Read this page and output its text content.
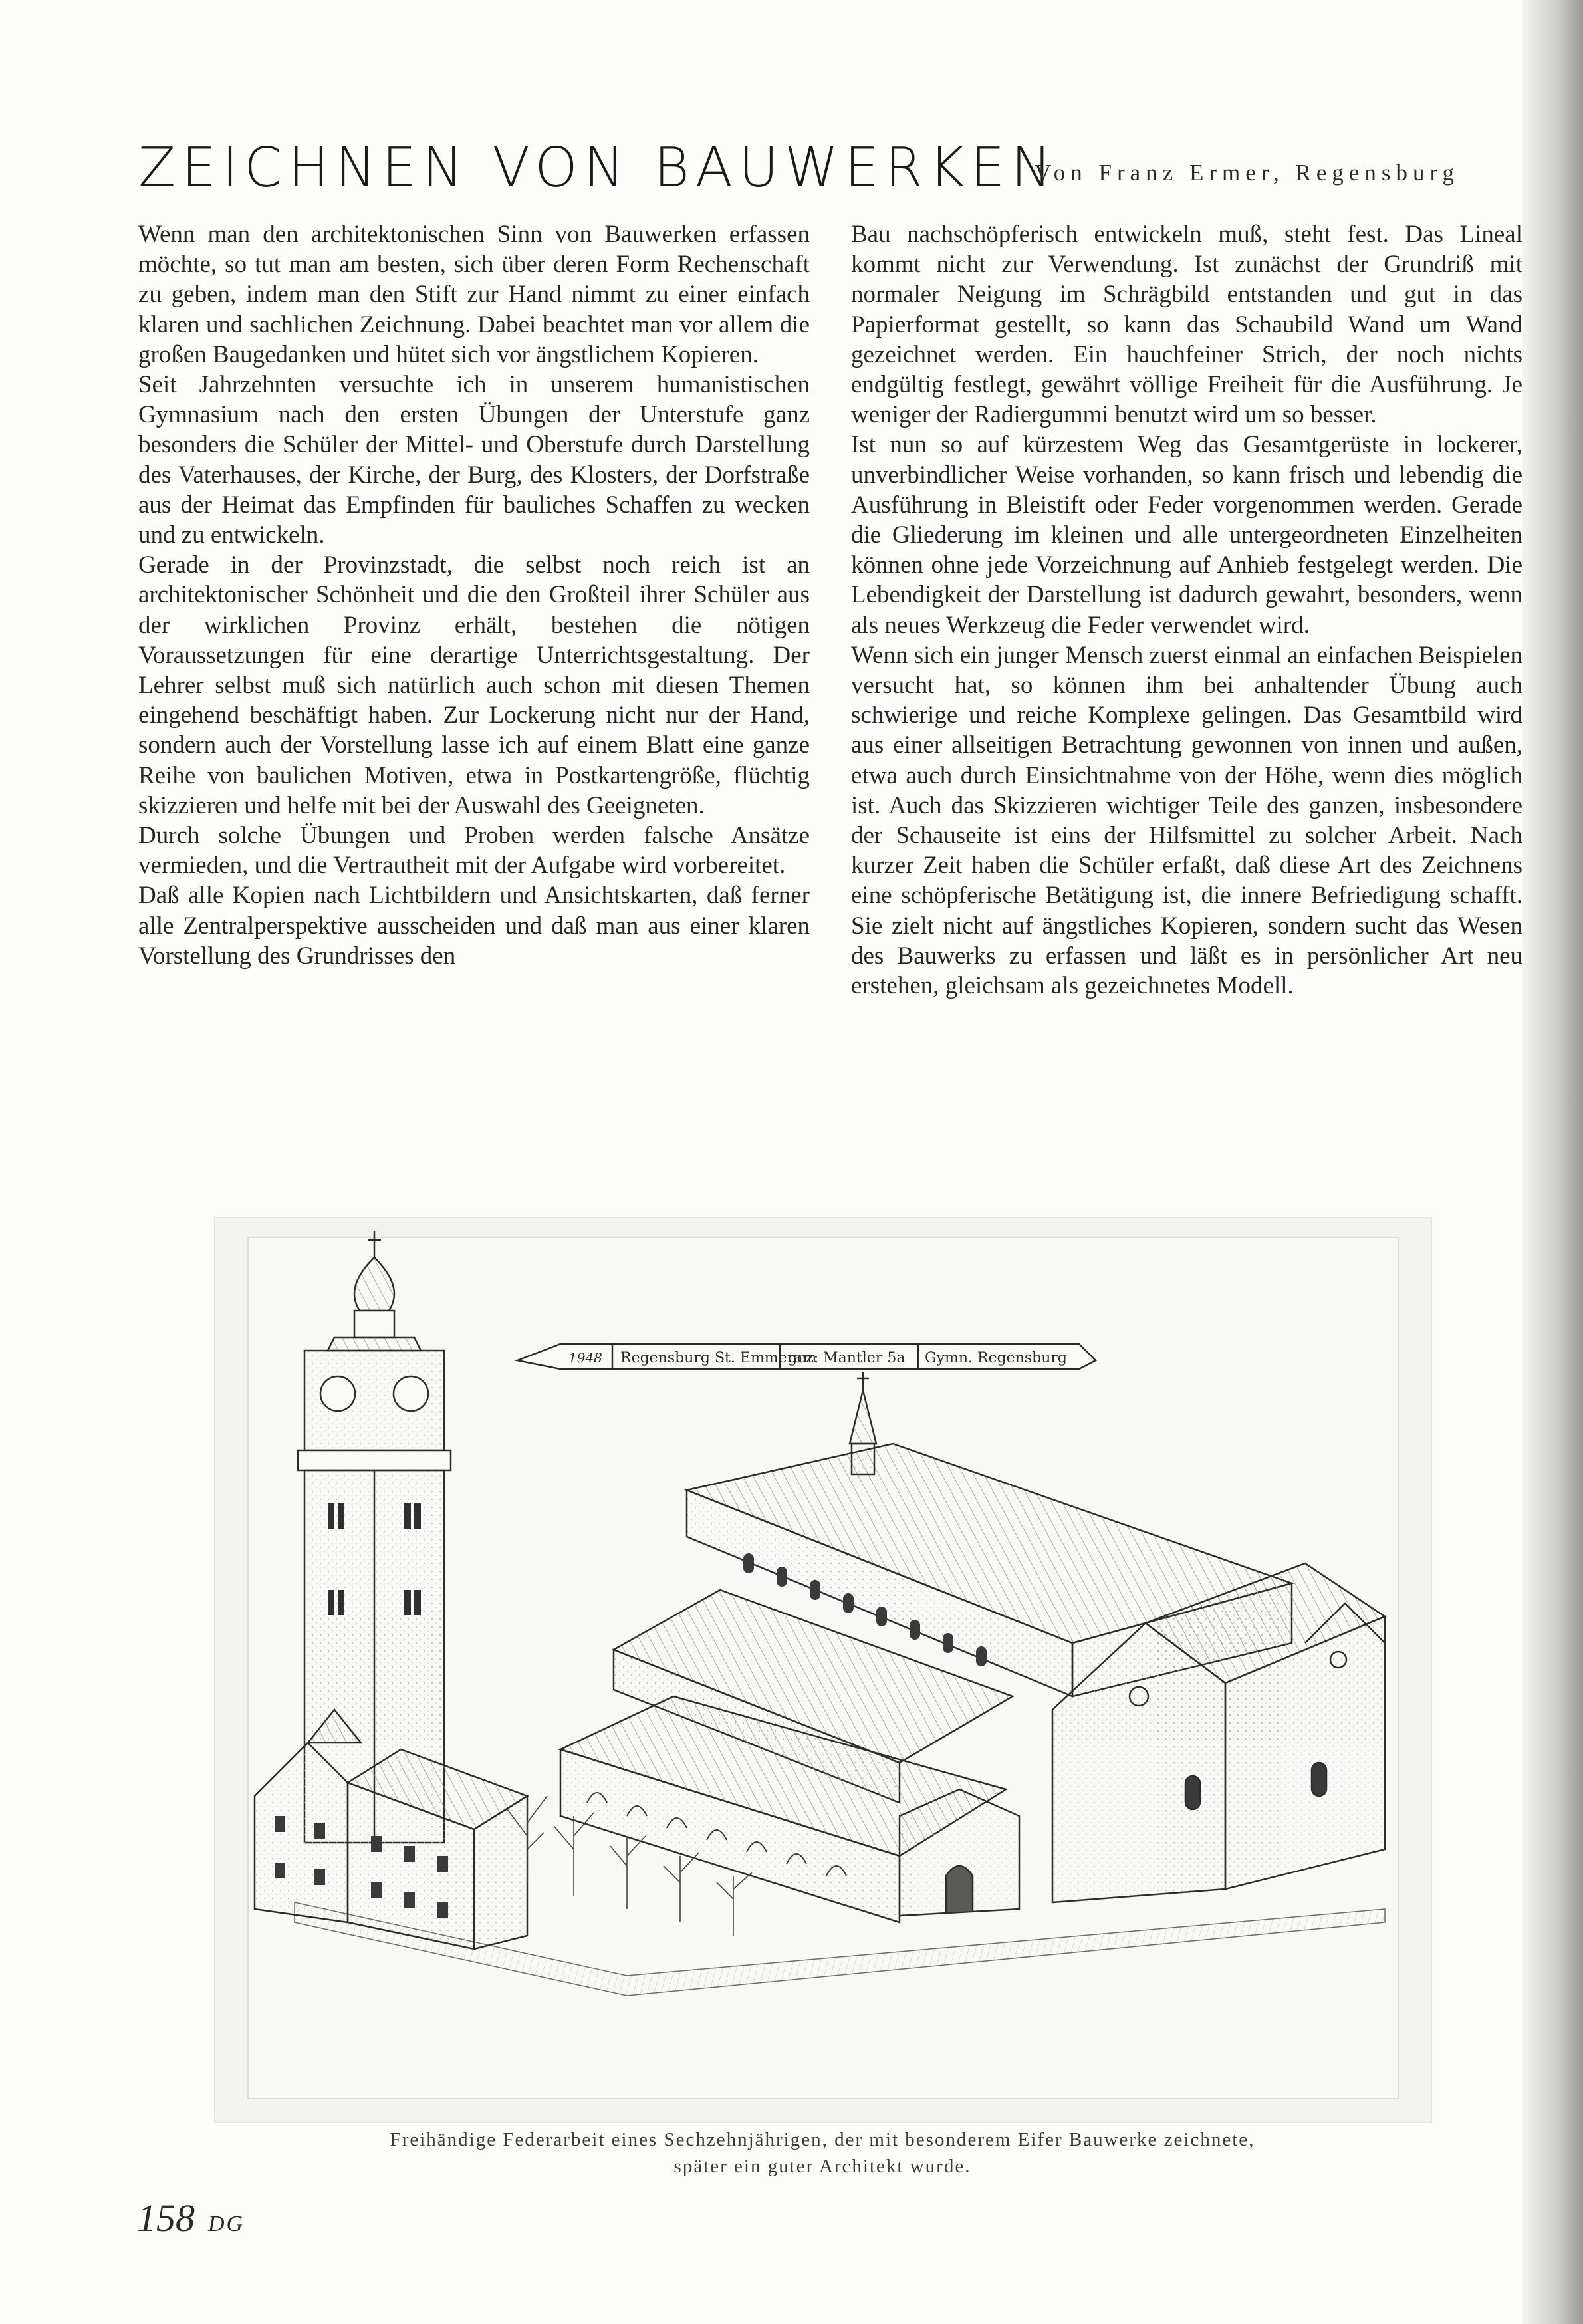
ZEICHNEN VON BAUWERKEN
Von Franz Ermer, Regensburg

Wenn man den architektonischen Sinn von Bauwerken erfassen möchte, so tut man am besten, sich über deren Form Rechenschaft zu geben, indem man den Stift zur Hand nimmt zu einer einfach klaren und sachlichen Zeichnung. Dabei beachtet man vor allem die großen Baugedanken und hütet sich vor ängstlichem Kopieren.

Seit Jahrzehnten versuchte ich in unserem humanistischen Gymnasium nach den ersten Übungen der Unterstufe ganz besonders die Schüler der Mittel- und Oberstufe durch Darstellung des Vaterhauses, der Kirche, der Burg, des Klosters, der Dorfstraße aus der Heimat das Empfinden für bauliches Schaffen zu wecken und zu entwickeln.

Gerade in der Provinzstadt, die selbst noch reich ist an architektonischer Schönheit und die den Großteil ihrer Schüler aus der wirklichen Provinz erhält, bestehen die nötigen Voraussetzungen für eine derartige Unterrichtsgestaltung. Der Lehrer selbst muß sich natürlich auch schon mit diesen Themen eingehend beschäftigt haben. Zur Lockerung nicht nur der Hand, sondern auch der Vorstellung lasse ich auf einem Blatt eine ganze Reihe von baulichen Motiven, etwa in Postkartengröße, flüchtig skizzieren und helfe mit bei der Auswahl des Geeigneten.

Durch solche Übungen und Proben werden falsche Ansätze vermieden, und die Vertrautheit mit der Aufgabe wird vorbereitet.

Daß alle Kopien nach Lichtbildern und Ansichtskarten, daß ferner alle Zentralperspektive ausscheiden und daß man aus einer klaren Vorstellung des Grundrisses den

Bau nachschöpferisch entwickeln muß, steht fest. Das Lineal kommt nicht zur Verwendung. Ist zunächst der Grundriß mit normaler Neigung im Schrägbild entstanden und gut in das Papierformat gestellt, so kann das Schaubild Wand um Wand gezeichnet werden. Ein hauchfeiner Strich, der noch nichts endgültig festlegt, gewährt völlige Freiheit für die Ausführung. Je weniger der Radiergummi benutzt wird um so besser.

Ist nun so auf kürzestem Weg das Gesamtgerüste in lockerer, unverbindlicher Weise vorhanden, so kann frisch und lebendig die Ausführung in Bleistift oder Feder vorgenommen werden. Gerade die Gliederung im kleinen und alle untergeordneten Einzelheiten können ohne jede Vorzeichnung auf Anhieb festgelegt werden. Die Lebendigkeit der Darstellung ist dadurch gewahrt, besonders, wenn als neues Werkzeug die Feder verwendet wird.

Wenn sich ein junger Mensch zuerst einmal an einfachen Beispielen versucht hat, so können ihm bei anhaltender Übung auch schwierige und reiche Komplexe gelingen. Das Gesamtbild wird aus einer allseitigen Betrachtung gewonnen von innen und außen, etwa auch durch Einsichtnahme von der Höhe, wenn dies möglich ist. Auch das Skizzieren wichtiger Teile des ganzen, insbesondere der Schauseite ist eins der Hilfsmittel zu solcher Arbeit. Nach kurzer Zeit haben die Schüler erfaßt, daß diese Art des Zeichnens eine schöpferische Betätigung ist, die innere Befriedigung schafft. Sie zielt nicht auf ängstliches Kopieren, sondern sucht das Wesen des Bauwerks zu erfassen und läßt es in persönlicher Art neu erstehen, gleichsam als gezeichnetes Modell.

1948 Regensburg St. Emmeram
gez: Mantler 5a Gymn. Regensburg
Freihändige Federarbeit eines Sechzehnjährigen, der mit besonderem Eifer Bauwerke zeichnete,
später ein guter Architekt wurde.
158 DG
